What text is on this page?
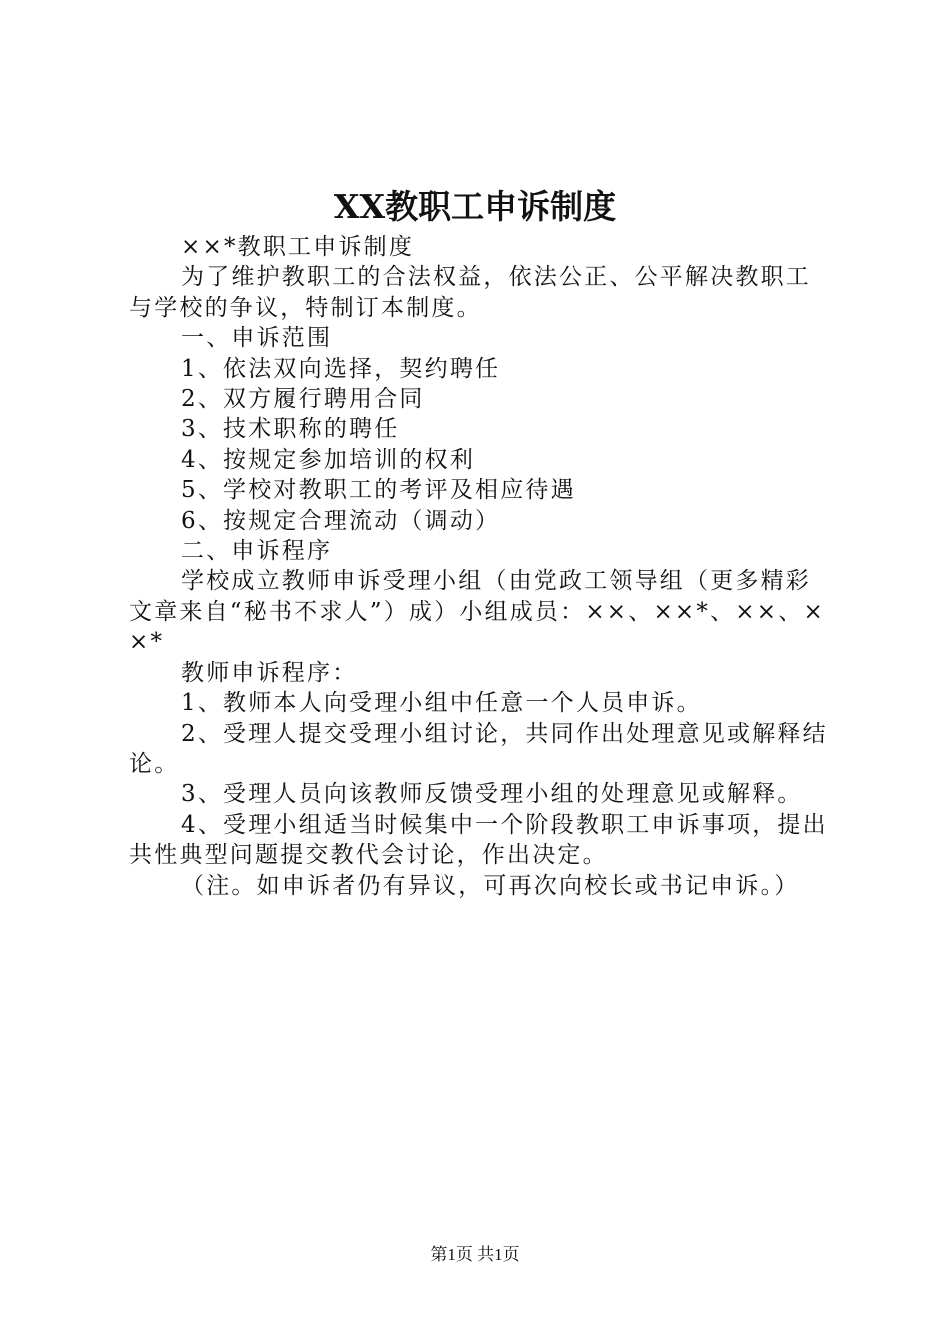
XX教职工申诉制度

××*教职工申诉制度

为了维护教职工的合法权益，依法公正、公平解决教职工与学校的争议，特制订本制度。

一、申诉范围

1、依法双向选择，契约聘任

2、双方履行聘用合同

3、技术职称的聘任

4、按规定参加培训的权利

5、学校对教职工的考评及相应待遇

6、按规定合理流动（调动）

二、申诉程序

学校成立教师申诉受理小组（由党政工领导组（更多精彩文章来自“秘书不求人”）成）小组成员：××、××*、××、××*

教师申诉程序：

1、教师本人向受理小组中任意一个人员申诉。

2、受理人提交受理小组讨论，共同作出处理意见或解释结论。

3、受理人员向该教师反馈受理小组的处理意见或解释。

4、受理小组适当时候集中一个阶段教职工申诉事项，提出共性典型问题提交教代会讨论，作出决定。

（注。如申诉者仍有异议，可再次向校长或书记申诉。）

第1页 共1页
